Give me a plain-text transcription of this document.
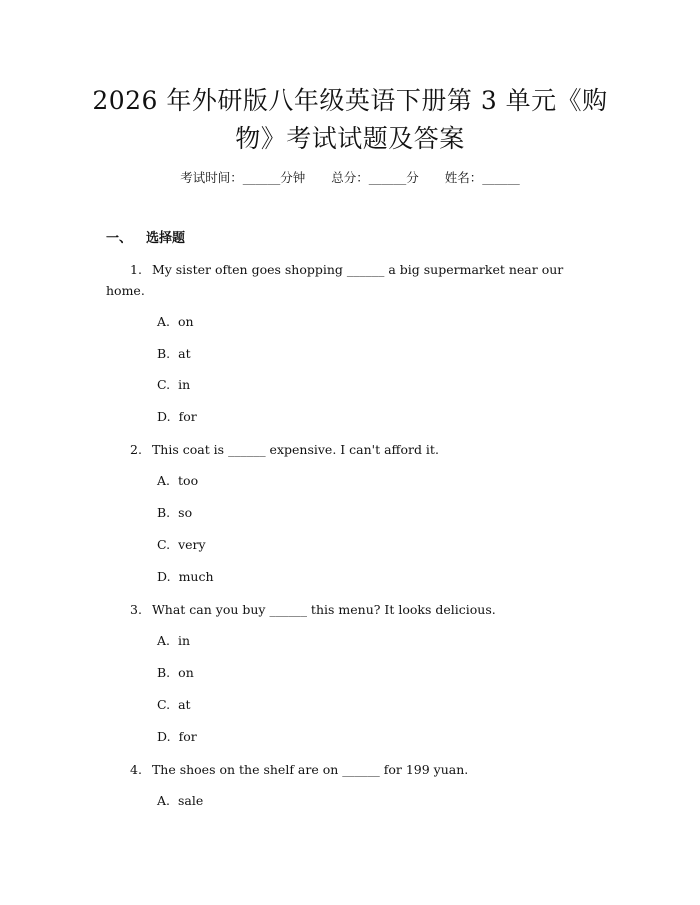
2026 年外研版八年级英语下册第 3 单元《购
物》考试试题及答案
考试时间：______分钟 总分：______分 姓名：______
一、 选择题
1. My sister often goes shopping ______ a big supermarket near our home.
A. on
B. at
C. in
D. for
2. This coat is ______ expensive. I can't afford it.
A. too
B. so
C. very
D. much
3. What can you buy ______ this menu? It looks delicious.
A. in
B. on
C. at
D. for
4. The shoes on the shelf are on ______ for 199 yuan.
A. sale
